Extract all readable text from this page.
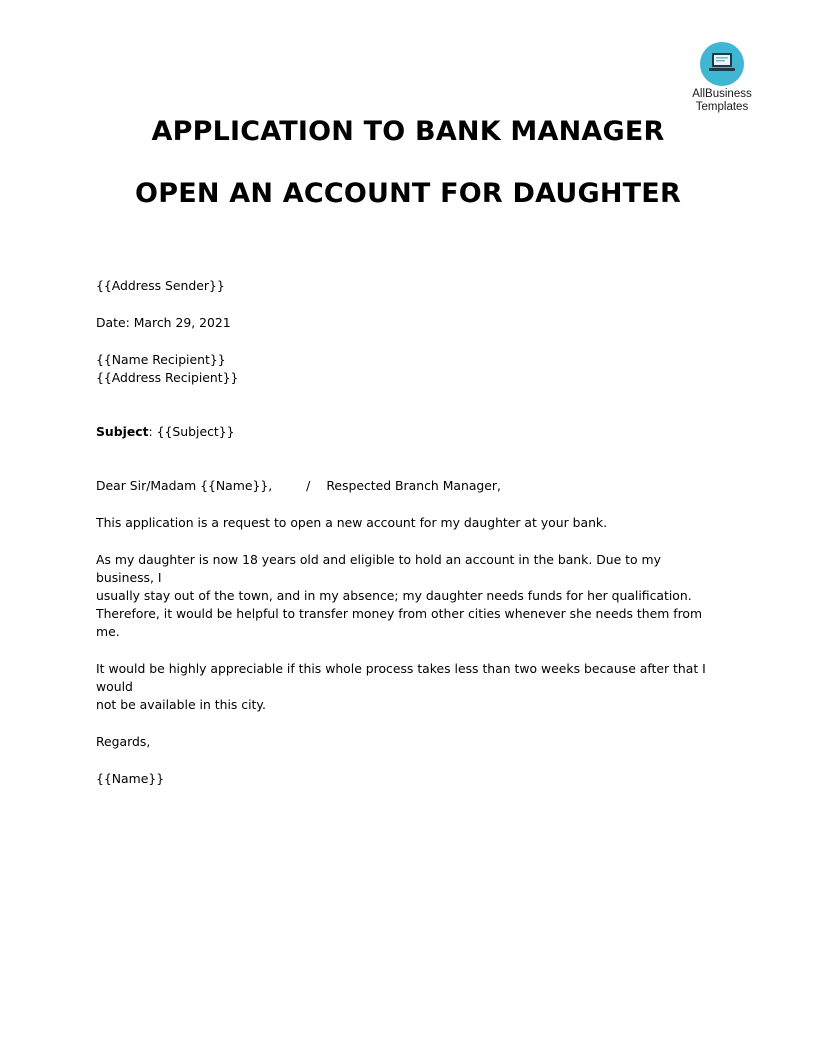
AllBusiness
Templates
APPLICATION TO BANK MANAGER
OPEN AN ACCOUNT FOR DAUGHTER

{{Address Sender}}

Date: March 29, 2021

{{Name Recipient}}

{{Address Recipient}}

Subject: {{Subject}}

Dear Sir/Madam {{Name}},	/ Respected Branch Manager,

This application is a request to open a new account for my daughter at your bank.

As my daughter is now 18 years old and eligible to hold an account in the bank. Due to my business, I

usually stay out of the town, and in my absence; my daughter needs funds for her qualification.

Therefore, it would be helpful to transfer money from other cities whenever she needs them from me.

It would be highly appreciable if this whole process takes less than two weeks because after that I would

not be available in this city.

Regards,

{{Name}}
